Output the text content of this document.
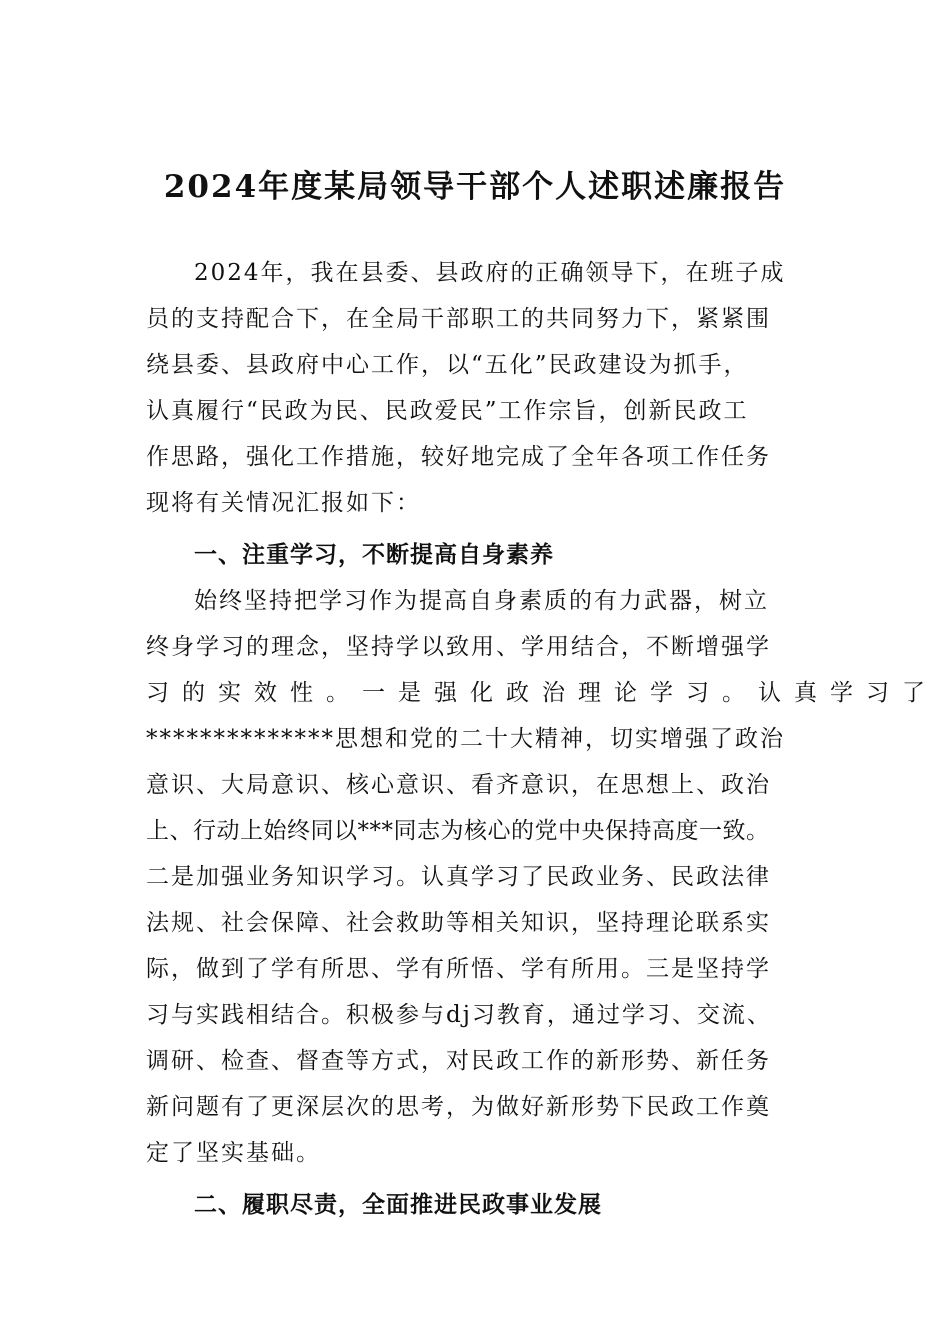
2024年度某局领导干部个人述职述廉报告
2024年，我在县委、县政府的正确领导下，在班子成
员的支持配合下，在全局干部职工的共同努力下，紧紧围
绕县委、县政府中心工作，以“五化”民政建设为抓手，
认真履行“民政为民、民政爱民”工作宗旨，创新民政工
作思路，强化工作措施，较好地完成了全年各项工作任务
现将有关情况汇报如下：
一、注重学习，不断提高自身素养
始终坚持把学习作为提高自身素质的有力武器，树立
终身学习的理念，坚持学以致用、学用结合，不断增强学
习的实效性。一是强化政治理论学习。认真学习了
**************思想和党的二十大精神，切实增强了政治
意识、大局意识、核心意识、看齐意识，在思想上、政治
上、行动上始终同以***同志为核心的党中央保持高度一致。
二是加强业务知识学习。认真学习了民政业务、民政法律
法规、社会保障、社会救助等相关知识，坚持理论联系实
际，做到了学有所思、学有所悟、学有所用。三是坚持学
习与实践相结合。积极参与dj习教育，通过学习、交流、
调研、检查、督查等方式，对民政工作的新形势、新任务
新问题有了更深层次的思考，为做好新形势下民政工作奠
定了坚实基础。
二、履职尽责，全面推进民政事业发展
